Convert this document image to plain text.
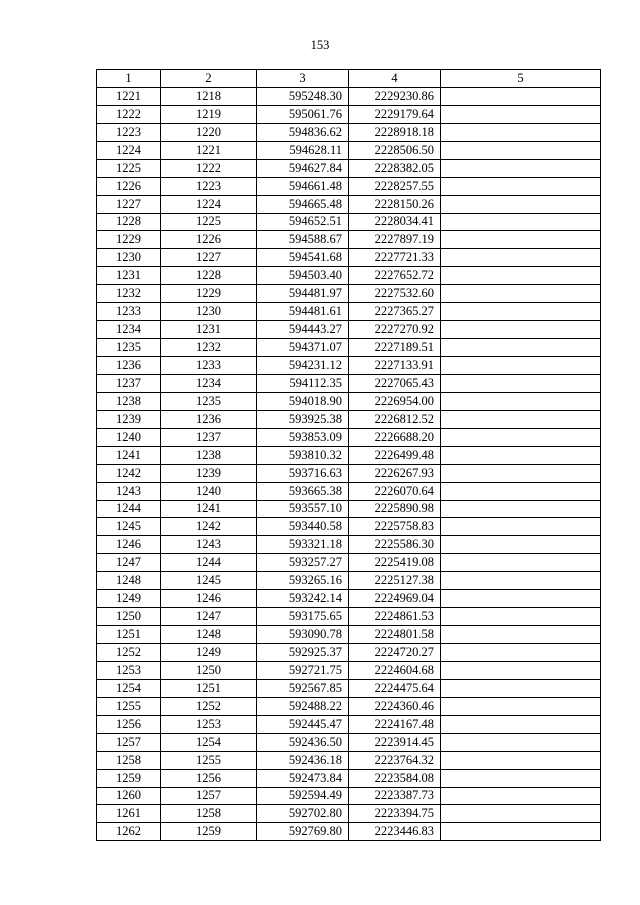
153
1	2	3	4	5
1221	1218	595248.30	2229230.86	
1222	1219	595061.76	2229179.64	
1223	1220	594836.62	2228918.18	
1224	1221	594628.11	2228506.50	
1225	1222	594627.84	2228382.05	
1226	1223	594661.48	2228257.55	
1227	1224	594665.48	2228150.26	
1228	1225	594652.51	2228034.41	
1229	1226	594588.67	2227897.19	
1230	1227	594541.68	2227721.33	
1231	1228	594503.40	2227652.72	
1232	1229	594481.97	2227532.60	
1233	1230	594481.61	2227365.27	
1234	1231	594443.27	2227270.92	
1235	1232	594371.07	2227189.51	
1236	1233	594231.12	2227133.91	
1237	1234	594112.35	2227065.43	
1238	1235	594018.90	2226954.00	
1239	1236	593925.38	2226812.52	
1240	1237	593853.09	2226688.20	
1241	1238	593810.32	2226499.48	
1242	1239	593716.63	2226267.93	
1243	1240	593665.38	2226070.64	
1244	1241	593557.10	2225890.98	
1245	1242	593440.58	2225758.83	
1246	1243	593321.18	2225586.30	
1247	1244	593257.27	2225419.08	
1248	1245	593265.16	2225127.38	
1249	1246	593242.14	2224969.04	
1250	1247	593175.65	2224861.53	
1251	1248	593090.78	2224801.58	
1252	1249	592925.37	2224720.27	
1253	1250	592721.75	2224604.68	
1254	1251	592567.85	2224475.64	
1255	1252	592488.22	2224360.46	
1256	1253	592445.47	2224167.48	
1257	1254	592436.50	2223914.45	
1258	1255	592436.18	2223764.32	
1259	1256	592473.84	2223584.08	
1260	1257	592594.49	2223387.73	
1261	1258	592702.80	2223394.75	
1262	1259	592769.80	2223446.83	
